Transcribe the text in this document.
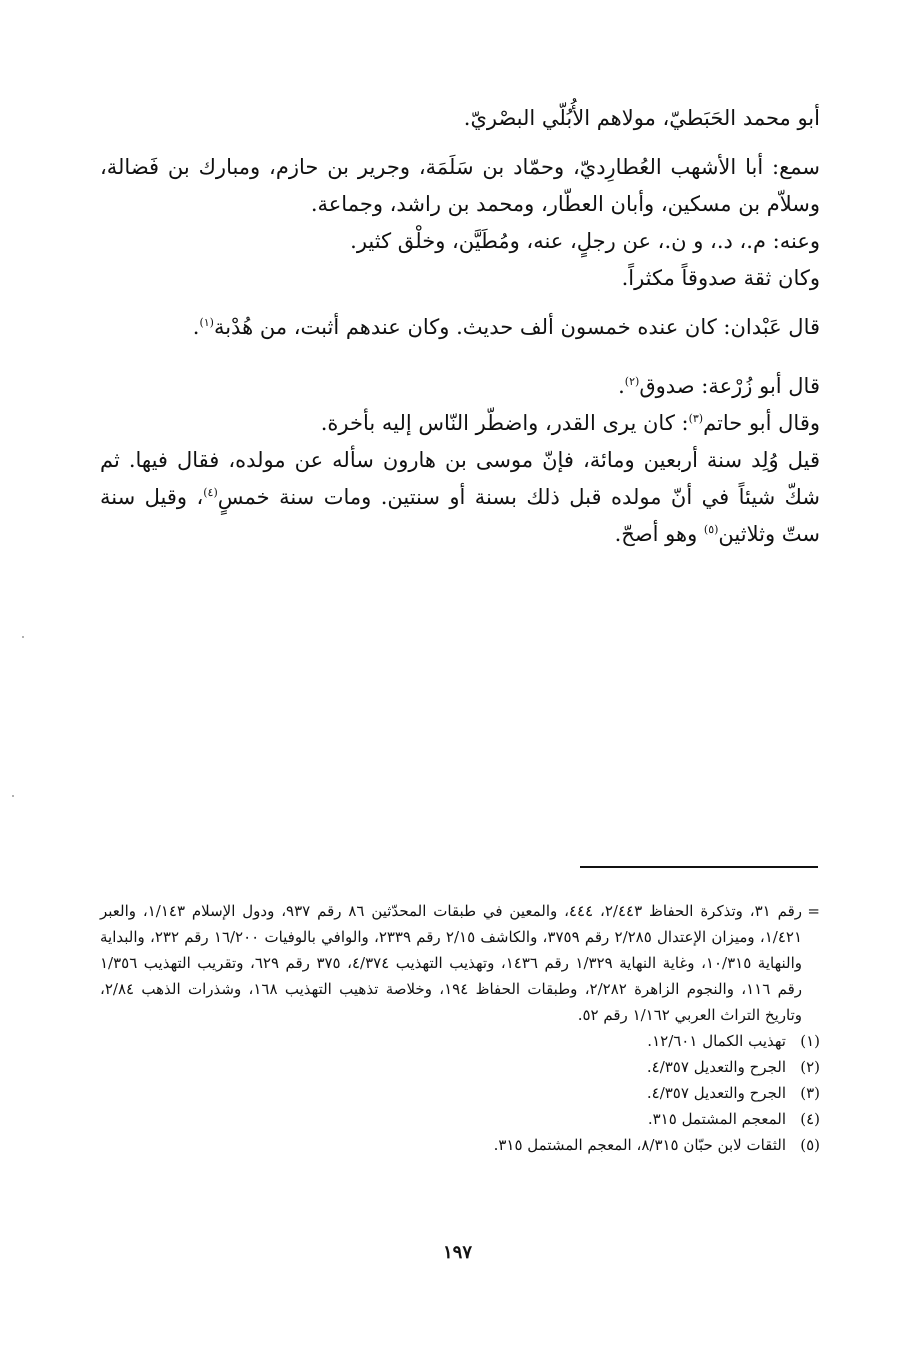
أبو محمد الحَبَطيّ، مولاهم الأُبُلّي البصْريّ.

سمع: أبا الأشهب العُطارِديّ، وحمّاد بن سَلَمَة، وجرير بن حازم، ومبارك بن فَضالة، وسلاّم بن مسكين، وأبان العطّار، ومحمد بن راشد، وجماعة.

وعنه: م.، د.، و ن.، عن رجلٍ، عنه، ومُطَيَّن، وخلْق كثير.

وكان ثقة صدوقاً مكثراً.

قال عَبْدان: كان عنده خمسون ألف حديث. وكان عندهم أثبت، من هُدْبة$^{(١)}$.

قال أبو زُرْعة: صدوق$^{(٢)}$.

وقال أبو حاتم$^{(٣)}$: كان يرى القدر، واضطّر النّاس إليه بأخرة.

قيل وُلِد سنة أربعين ومائة، فإنّ موسى بن هارون سأله عن مولده، فقال فيها. ثم شكّ شيئاً في أنّ مولده قبل ذلك بسنة أو سنتين. ومات سنة خمسٍ$^{(٤)}$، وقيل سنة ستّ وثلاثين$^{(٥)}$ وهو أصحّ.

=
رقم ٣١، وتذكرة الحفاظ ٢/٤٤٣، ٤٤٤، والمعين في طبقات المحدّثين ٨٦ رقم ٩٣٧، ودول الإسلام ١/١٤٣، والعبر ١/٤٢١، وميزان الإعتدال ٢/٢٨٥ رقم ٣٧٥٩، والكاشف ٢/١٥ رقم ٢٣٣٩، والوافي بالوفيات ١٦/٢٠٠ رقم ٢٣٢، والبداية والنهاية ١٠/٣١٥، وغاية النهاية ١/٣٢٩ رقم ١٤٣٦، وتهذيب التهذيب ٤/٣٧٤، ٣٧٥ رقم ٦٢٩، وتقريب التهذيب ١/٣٥٦ رقم ١١٦، والنجوم الزاهرة ٢/٢٨٢، وطبقات الحفاظ ١٩٤، وخلاصة تذهيب التهذيب ١٦٨، وشذرات الذهب ٢/٨٤، وتاريخ التراث العربي ١/١٦٢ رقم ٥٢.

(١)
تهذيب الكمال ١٢/٦٠١.
(٢)
الجرح والتعديل ٤/٣٥٧.
(٣)
الجرح والتعديل ٤/٣٥٧.
(٤)
المعجم المشتمل ٣١٥.
(٥)
الثقات لابن حبّان ٨/٣١٥، المعجم المشتمل ٣١٥.
١٩٧
